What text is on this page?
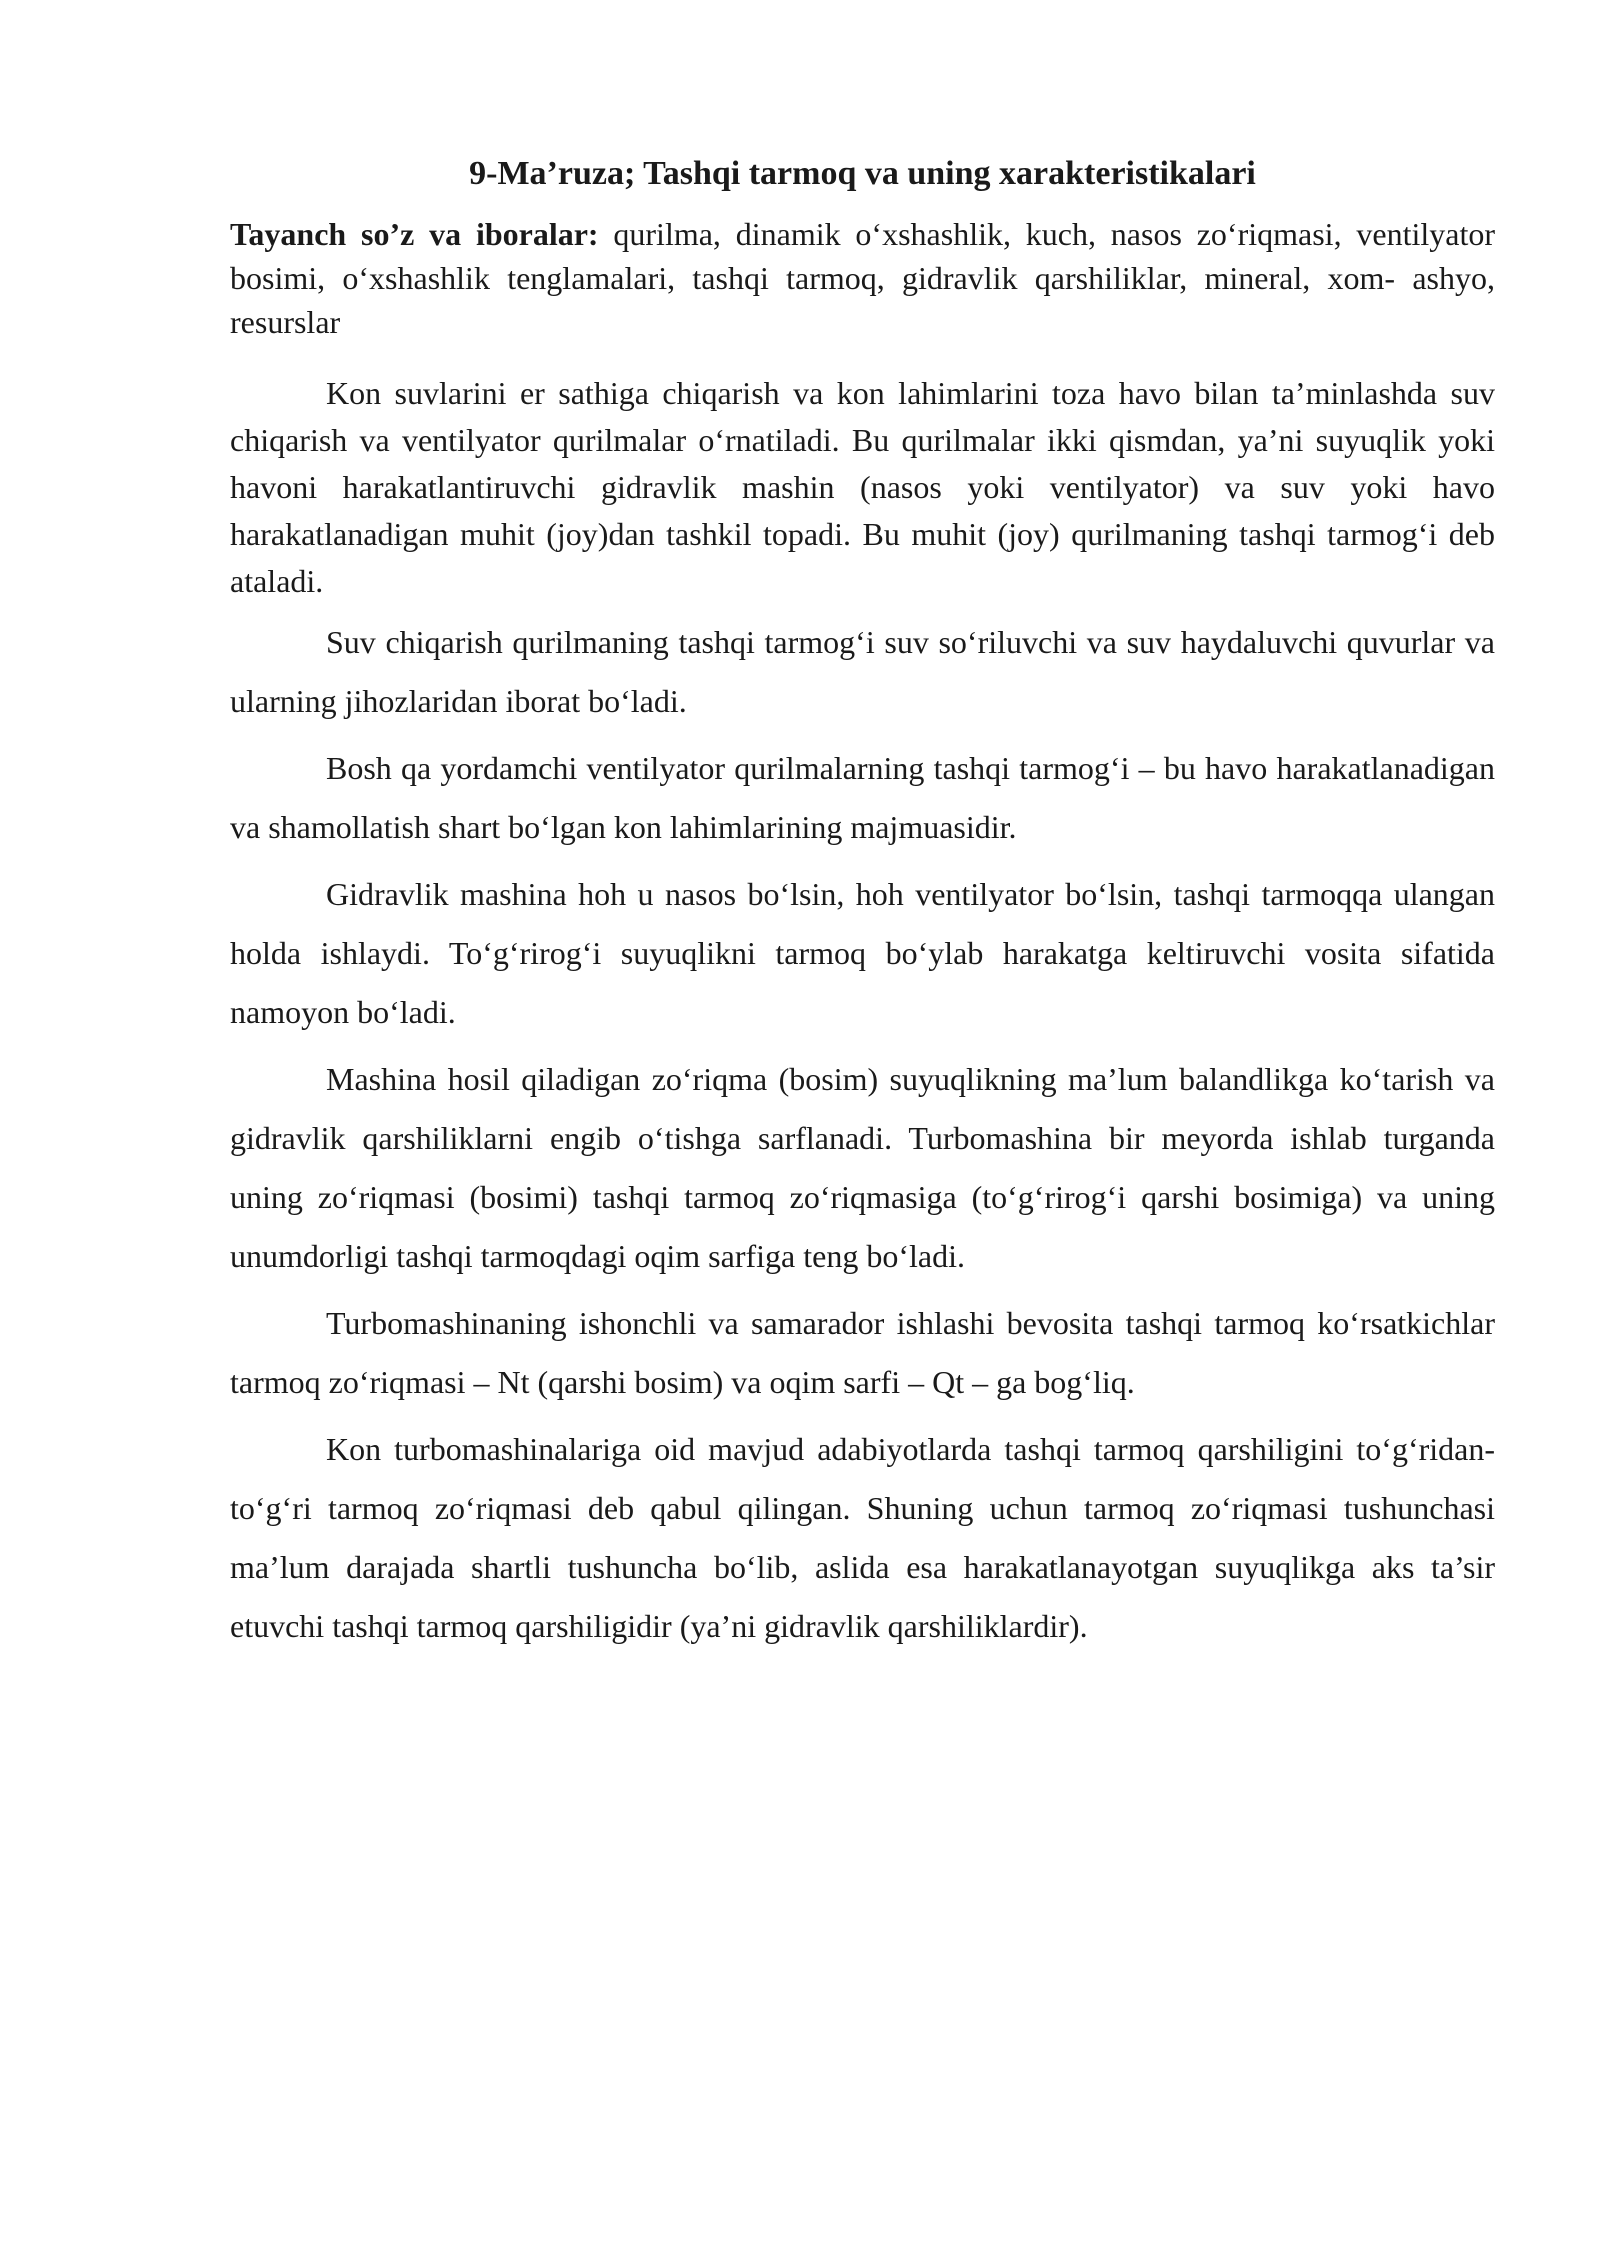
9-Ma’ruza; Tashqi tarmoq va uning xarakteristikalari

Tayanch so’z va iboralar: qurilma, dinamik o‘xshashlik, kuch, nasos zo‘riqmasi, ventilyator bosimi, o‘xshashlik tenglamalari, tashqi tarmoq, gidravlik qarshiliklar, mineral, xom- ashyo, resurslar

Kon suvlarini er sathiga chiqarish va kon lahimlarini toza havo bilan ta’minlashda suv chiqarish va ventilyator qurilmalar o‘rnatiladi. Bu qurilmalar ikki qismdan, ya’ni suyuqlik yoki havoni harakatlantiruvchi gidravlik mashin (nasos yoki ventilyator) va suv yoki havo harakatlanadigan muhit (joy)dan tashkil topadi. Bu muhit (joy) qurilmaning tashqi tarmog‘i deb ataladi.

Suv chiqarish qurilmaning tashqi tarmog‘i suv so‘riluvchi va suv haydaluvchi quvurlar va ularning jihozlaridan iborat bo‘ladi.

Bosh qa yordamchi ventilyator qurilmalarning tashqi tarmog‘i – bu havo harakatlanadigan va shamollatish shart bo‘lgan kon lahimlarining majmuasidir.

Gidravlik mashina hoh u nasos bo‘lsin, hoh ventilyator bo‘lsin, tashqi tarmoqqa ulangan holda ishlaydi. To‘g‘rirog‘i suyuqlikni tarmoq bo‘ylab harakatga keltiruvchi vosita sifatida namoyon bo‘ladi.

Mashina hosil qiladigan zo‘riqma (bosim) suyuqlikning ma’lum balandlikga ko‘tarish va gidravlik qarshiliklarni engib o‘tishga sarflanadi. Turbomashina bir meyorda ishlab turganda uning zo‘riqmasi (bosimi) tashqi tarmoq zo‘riqmasiga (to‘g‘rirog‘i qarshi bosimiga) va uning unumdorligi tashqi tarmoqdagi oqim sarfiga teng bo‘ladi.

Turbomashinaning ishonchli va samarador ishlashi bevosita tashqi tarmoq ko‘rsatkichlar tarmoq zo‘riqmasi – Nt (qarshi bosim) va oqim sarfi – Qt – ga bog‘liq.

Kon turbomashinalariga oid mavjud adabiyotlarda tashqi tarmoq qarshiligini to‘g‘ridan-to‘g‘ri tarmoq zo‘riqmasi deb qabul qilingan. Shuning uchun tarmoq zo‘riqmasi tushunchasi ma’lum darajada shartli tushuncha bo‘lib, aslida esa harakatlanayotgan suyuqlikga aks ta’sir etuvchi tashqi tarmoq qarshiligidir (ya’ni gidravlik qarshiliklardir).
